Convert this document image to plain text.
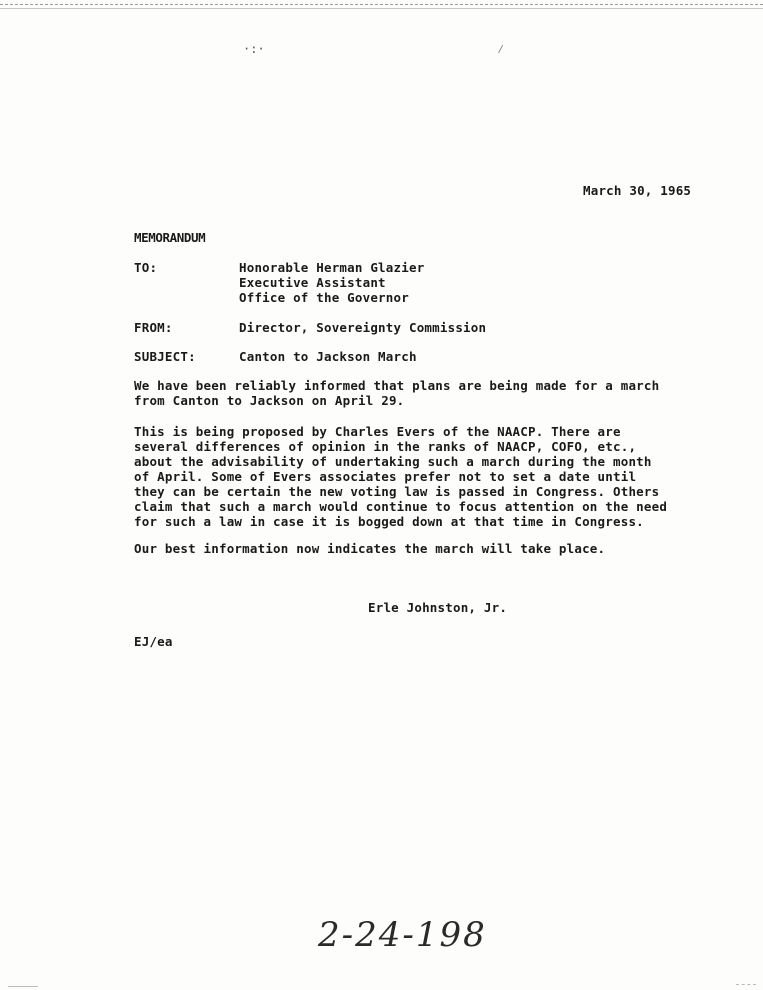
·:·	⁄
March 30, 1965
MEMORANDUM
TO:	Honorable Herman Glazier
Executive Assistant
Office of the Governor
FROM:	Director, Sovereignty Commission
SUBJECT:	Canton to Jackson March
We have been reliably informed that plans are being made for a march
from Canton to Jackson on April 29.
This is being proposed by Charles Evers of the NAACP. There are
several differences of opinion in the ranks of NAACP, COFO, etc.,
about the advisability of undertaking such a march during the month
of April. Some of Evers associates prefer not to set a date until
they can be certain the new voting law is passed in Congress. Others
claim that such a march would continue to focus attention on the need
for such a law in case it is bogged down at that time in Congress.
Our best information now indicates the march will take place.
Erle Johnston, Jr.
EJ/ea
2-24-198
